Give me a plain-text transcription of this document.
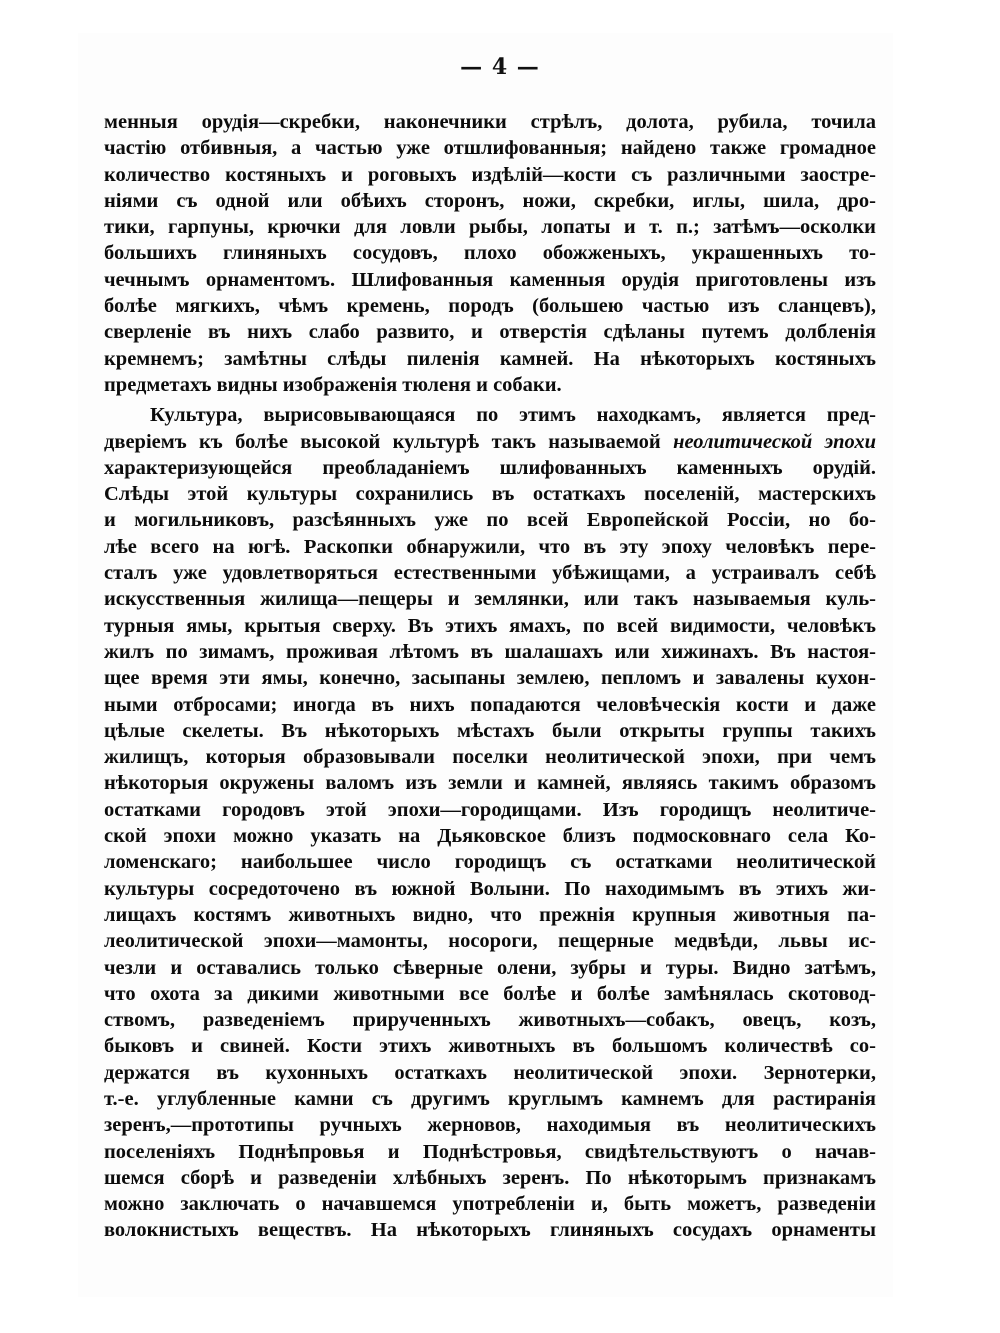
— 4 —
менныя орудія—скребки, наконечники стрѣлъ, долота, рубила, точила
частію отбивныя, а частью уже отшлифованныя; найдено также громадное
количество костяныхъ и роговыхъ издѣлій—кости съ различными заостре-
ніями съ одной или обѣихъ сторонъ, ножи, скребки, иглы, шила, дро-
тики, гарпуны, крючки для ловли рыбы, лопаты и т. п.; затѣмъ—осколки
большихъ глиняныхъ сосудовъ, плохо обожженыхъ, украшенныхъ то-
чечнымъ орнаментомъ. Шлифованныя каменныя орудія приготовлены изъ
болѣе мягкихъ, чѣмъ кремень, породъ (большею частью изъ сланцевъ),
сверленіе въ нихъ слабо развито, и отверстія сдѣланы путемъ долбленія
кремнемъ; замѣтны слѣды пиленія камней. На нѣкоторыхъ костяныхъ
предметахъ видны изображенія тюленя и собаки.
Культура, вырисовывающаяся по этимъ находкамъ, является пред-
дверіемъ къ болѣе высокой культурѣ такъ называемой неолитической эпохи
характеризующейся преобладаніемъ шлифованныхъ каменныхъ орудій.
Слѣды этой культуры сохранились въ остаткахъ поселеній, мастерскихъ
и могильниковъ, разсѣянныхъ уже по всей Европейской Россіи, но бо-
лѣе всего на югѣ. Раскопки обнаружили, что въ эту эпоху человѣкъ пере-
сталъ уже удовлетворяться естественными убѣжищами, а устраивалъ себѣ
искусственныя жилища—пещеры и землянки, или такъ называемыя куль-
турныя ямы, крытыя сверху. Въ этихъ ямахъ, по всей видимости, человѣкъ
жилъ по зимамъ, проживая лѣтомъ въ шалашахъ или хижинахъ. Въ настоя-
щее время эти ямы, конечно, засыпаны землею, пепломъ и завалены кухон-
ными отбросами; иногда въ нихъ попадаются человѣческія кости и даже
цѣлые скелеты. Въ нѣкоторыхъ мѣстахъ были открыты группы такихъ
жилищъ, которыя образовывали поселки неолитической эпохи, при чемъ
нѣкоторыя окружены валомъ изъ земли и камней, являясь такимъ образомъ
остатками городовъ этой эпохи—городищами. Изъ городищъ неолитиче-
ской эпохи можно указать на Дьяковское близъ подмосковнаго села Ко-
ломенскаго; наибольшее число городищъ съ остатками неолитической
культуры сосредоточено въ южной Волыни. По находимымъ въ этихъ жи-
лищахъ костямъ животныхъ видно, что прежнія крупныя животныя па-
леолитической эпохи—мамонты, носороги, пещерные медвѣди, львы ис-
чезли и оставались только сѣверные олени, зубры и туры. Видно затѣмъ,
что охота за дикими животными все болѣе и болѣе замѣнялась скотовод-
ствомъ, разведеніемъ прирученныхъ животныхъ—собакъ, овецъ, козъ,
быковъ и свиней. Кости этихъ животныхъ въ большомъ количествѣ со-
держатся въ кухонныхъ остаткахъ неолитической эпохи. Зернотерки,
т.-е. углубленные камни съ другимъ круглымъ камнемъ для растиранія
зеренъ,—прототипы ручныхъ жерновов, находимыя въ неолитическихъ
поселеніяхъ Поднѣпровья и Поднѣстровья, свидѣтельствуютъ о начав-
шемся сборѣ и разведеніи хлѣбныхъ зеренъ. По нѣкоторымъ признакамъ
можно заключать о начавшемся употребленіи и, быть можетъ, разведеніи
волокнистыхъ веществъ. На нѣкоторыхъ глиняныхъ сосудахъ орнаменты
